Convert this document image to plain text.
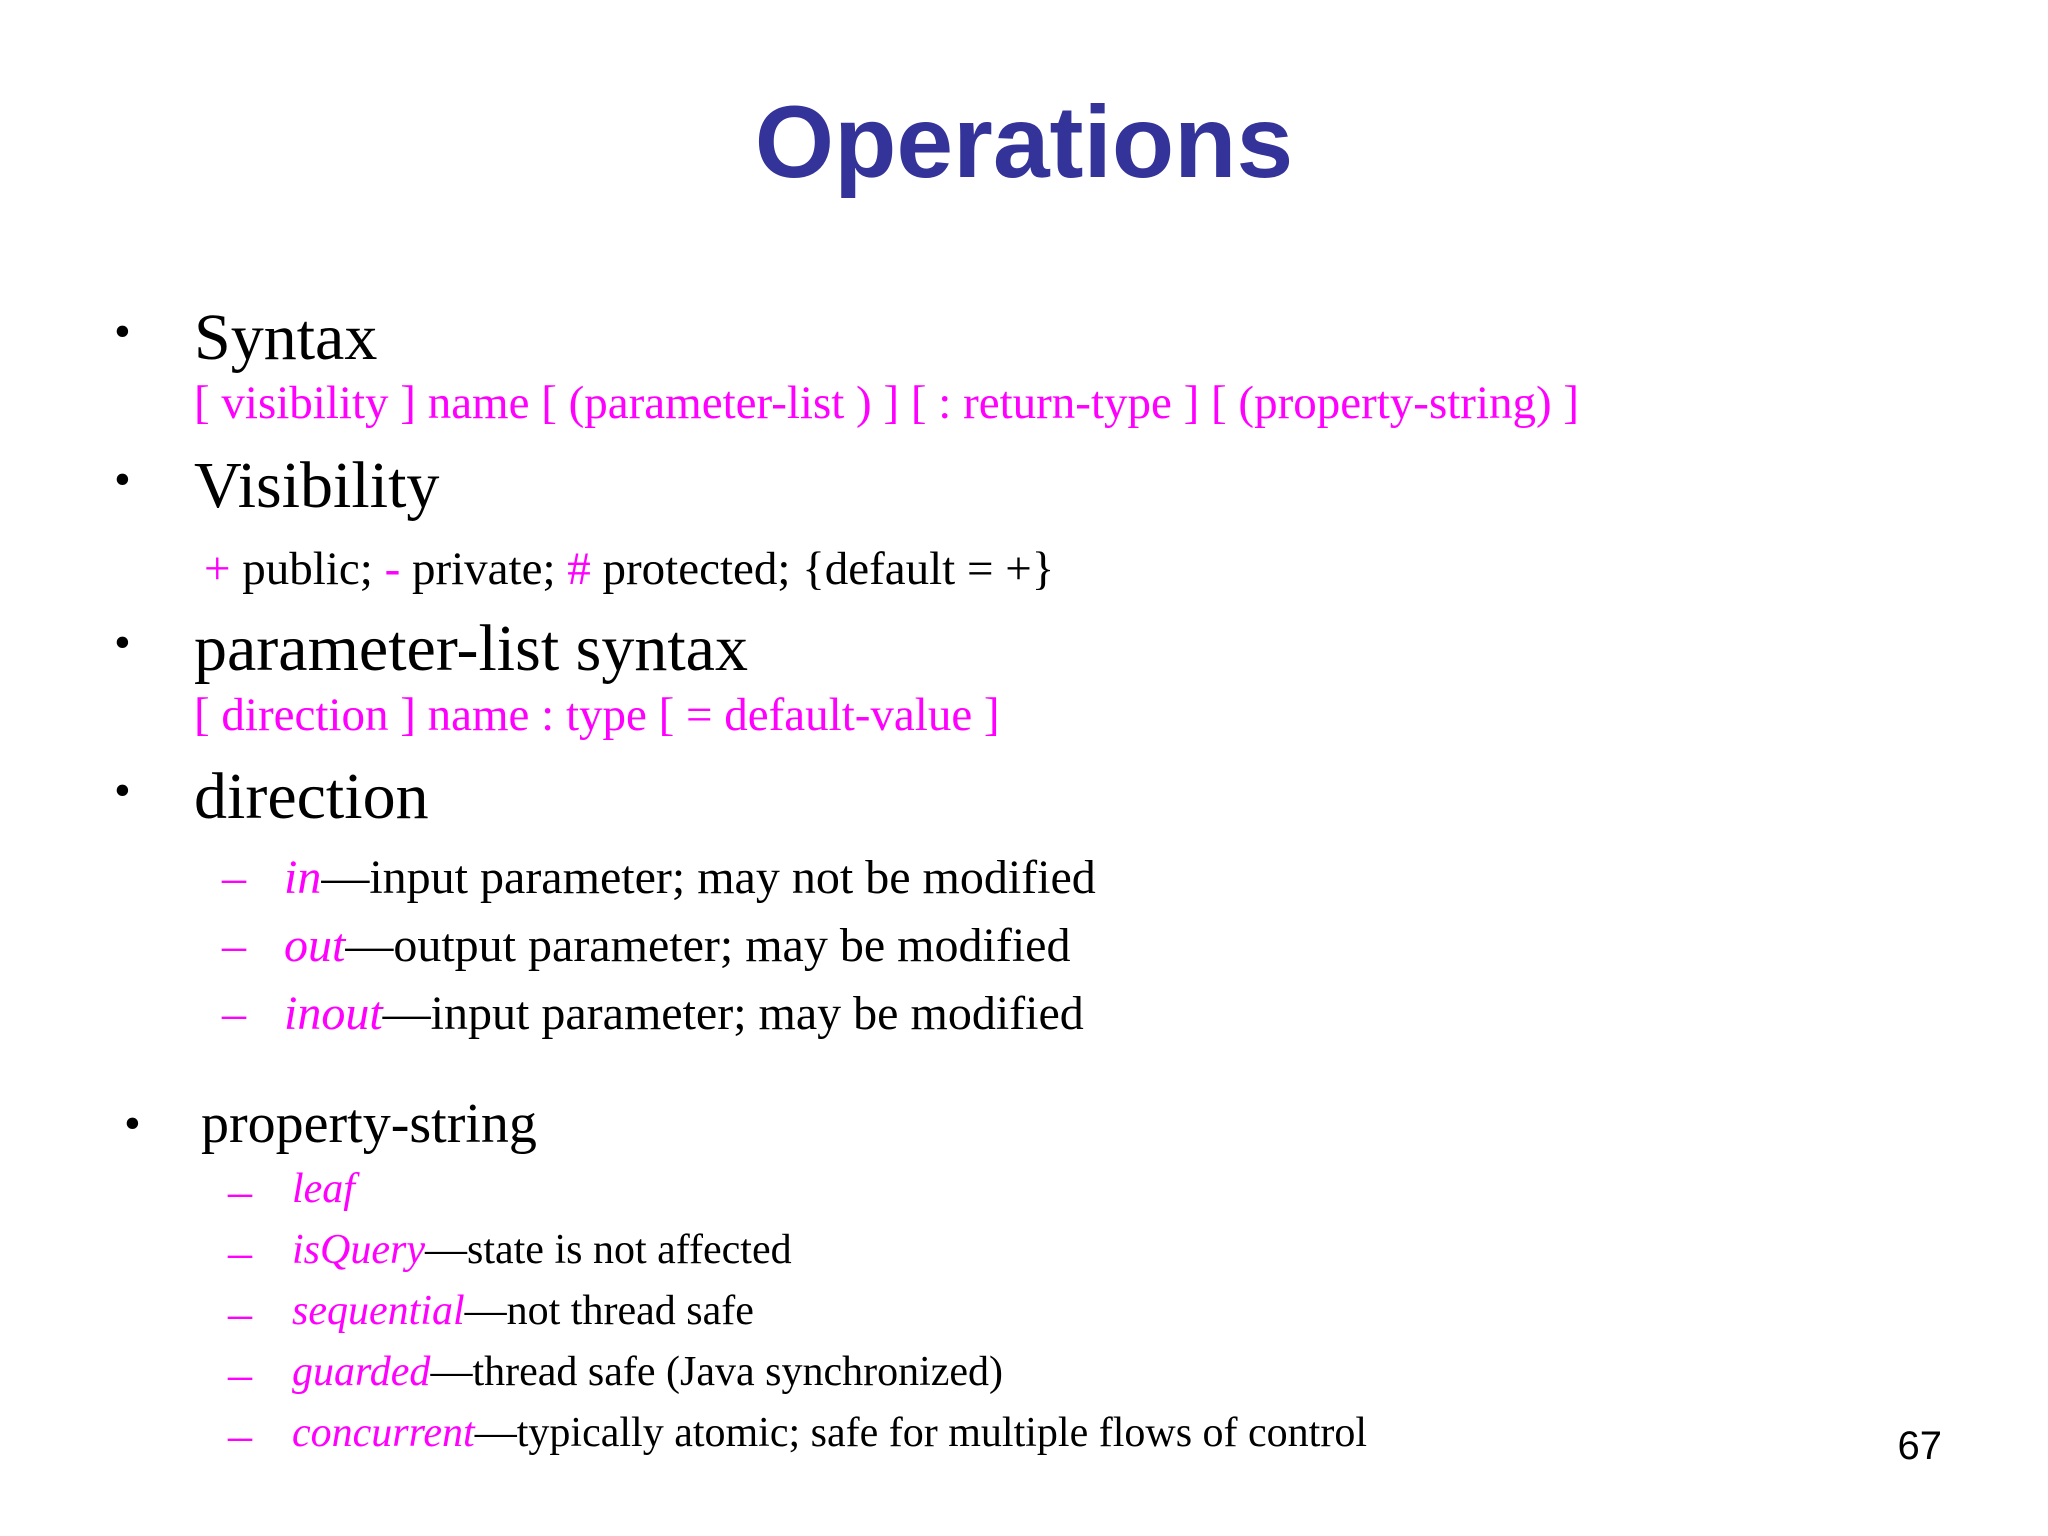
Operations
• Syntax
[ visibility ] name [ (parameter-list ) ] [ : return-type ] [ (property-string) ]
• Visibility
+ public; - private; # protected; {default = +}
• parameter-list syntax
[ direction ] name : type [ = default-value ]
• direction
– in—input parameter; may not be modified
– out—output parameter; may be modified
– inout—input parameter; may be modified
• property-string
– leaf
– isQuery—state is not affected
– sequential—not thread safe
– guarded—thread safe (Java synchronized)
– concurrent—typically atomic; safe for multiple flows of control	67
